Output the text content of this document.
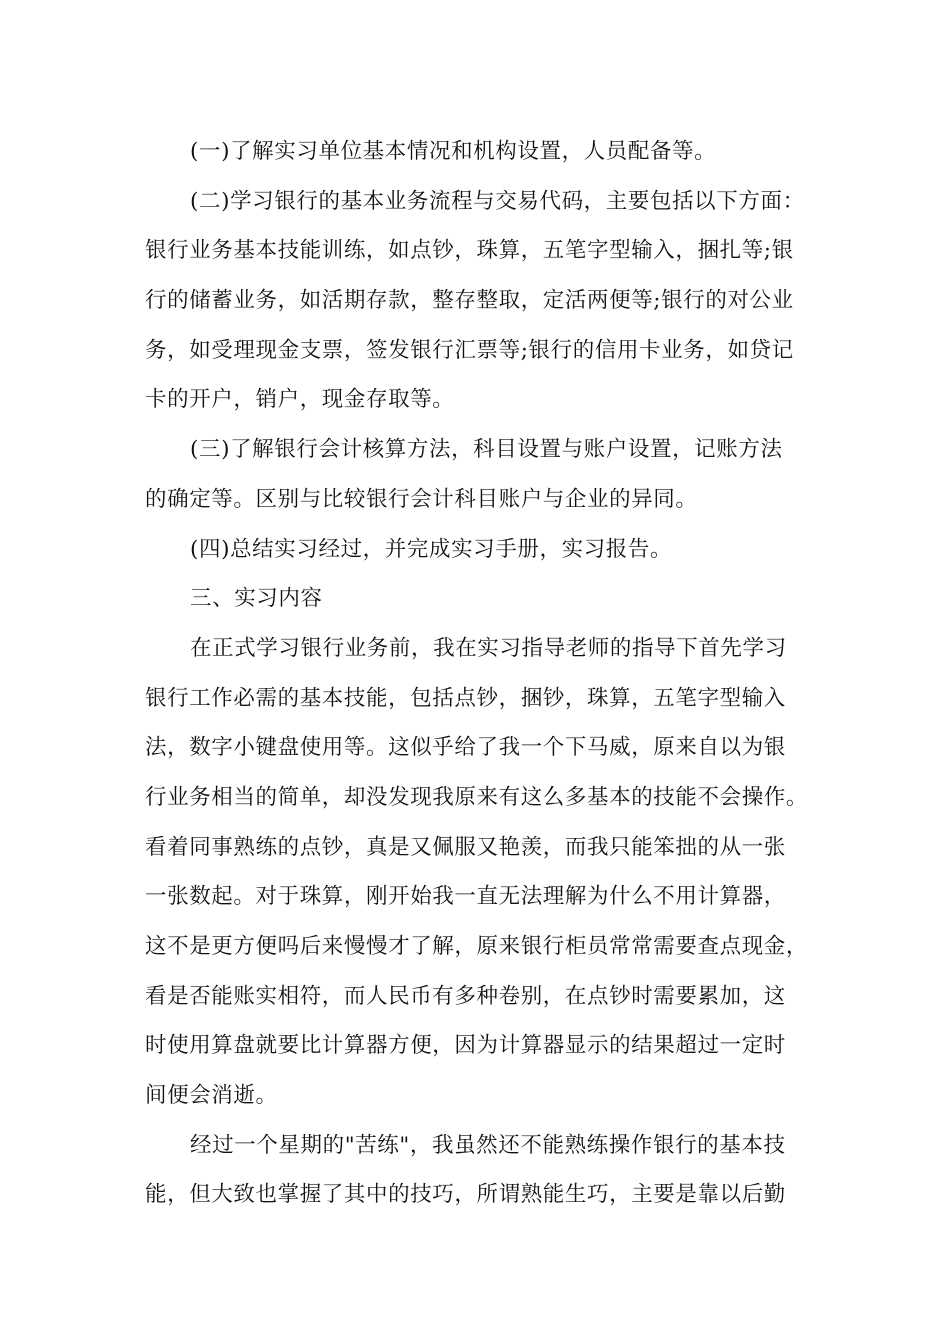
(一)了解实习单位基本情况和机构设置，人员配备等。
(二)学习银行的基本业务流程与交易代码，主要包括以下方面：
银行业务基本技能训练，如点钞，珠算，五笔字型输入，捆扎等;银
行的储蓄业务，如活期存款，整存整取，定活两便等;银行的对公业
务，如受理现金支票，签发银行汇票等;银行的信用卡业务，如贷记
卡的开户，销户，现金存取等。
(三)了解银行会计核算方法，科目设置与账户设置，记账方法
的确定等。区别与比较银行会计科目账户与企业的异同。
(四)总结实习经过，并完成实习手册，实习报告。
三、实习内容
在正式学习银行业务前，我在实习指导老师的指导下首先学习
银行工作必需的基本技能，包括点钞，捆钞，珠算，五笔字型输入
法，数字小键盘使用等。这似乎给了我一个下马威，原来自以为银
行业务相当的简单，却没发现我原来有这么多基本的技能不会操作。
看着同事熟练的点钞，真是又佩服又艳羡，而我只能笨拙的从一张
一张数起。对于珠算，刚开始我一直无法理解为什么不用计算器，
这不是更方便吗后来慢慢才了解，原来银行柜员常常需要查点现金，
看是否能账实相符，而人民币有多种卷别，在点钞时需要累加，这
时使用算盘就要比计算器方便，因为计算器显示的结果超过一定时
间便会消逝。
经过一个星期的"苦练"，我虽然还不能熟练操作银行的基本技
能，但大致也掌握了其中的技巧，所谓熟能生巧，主要是靠以后勤
